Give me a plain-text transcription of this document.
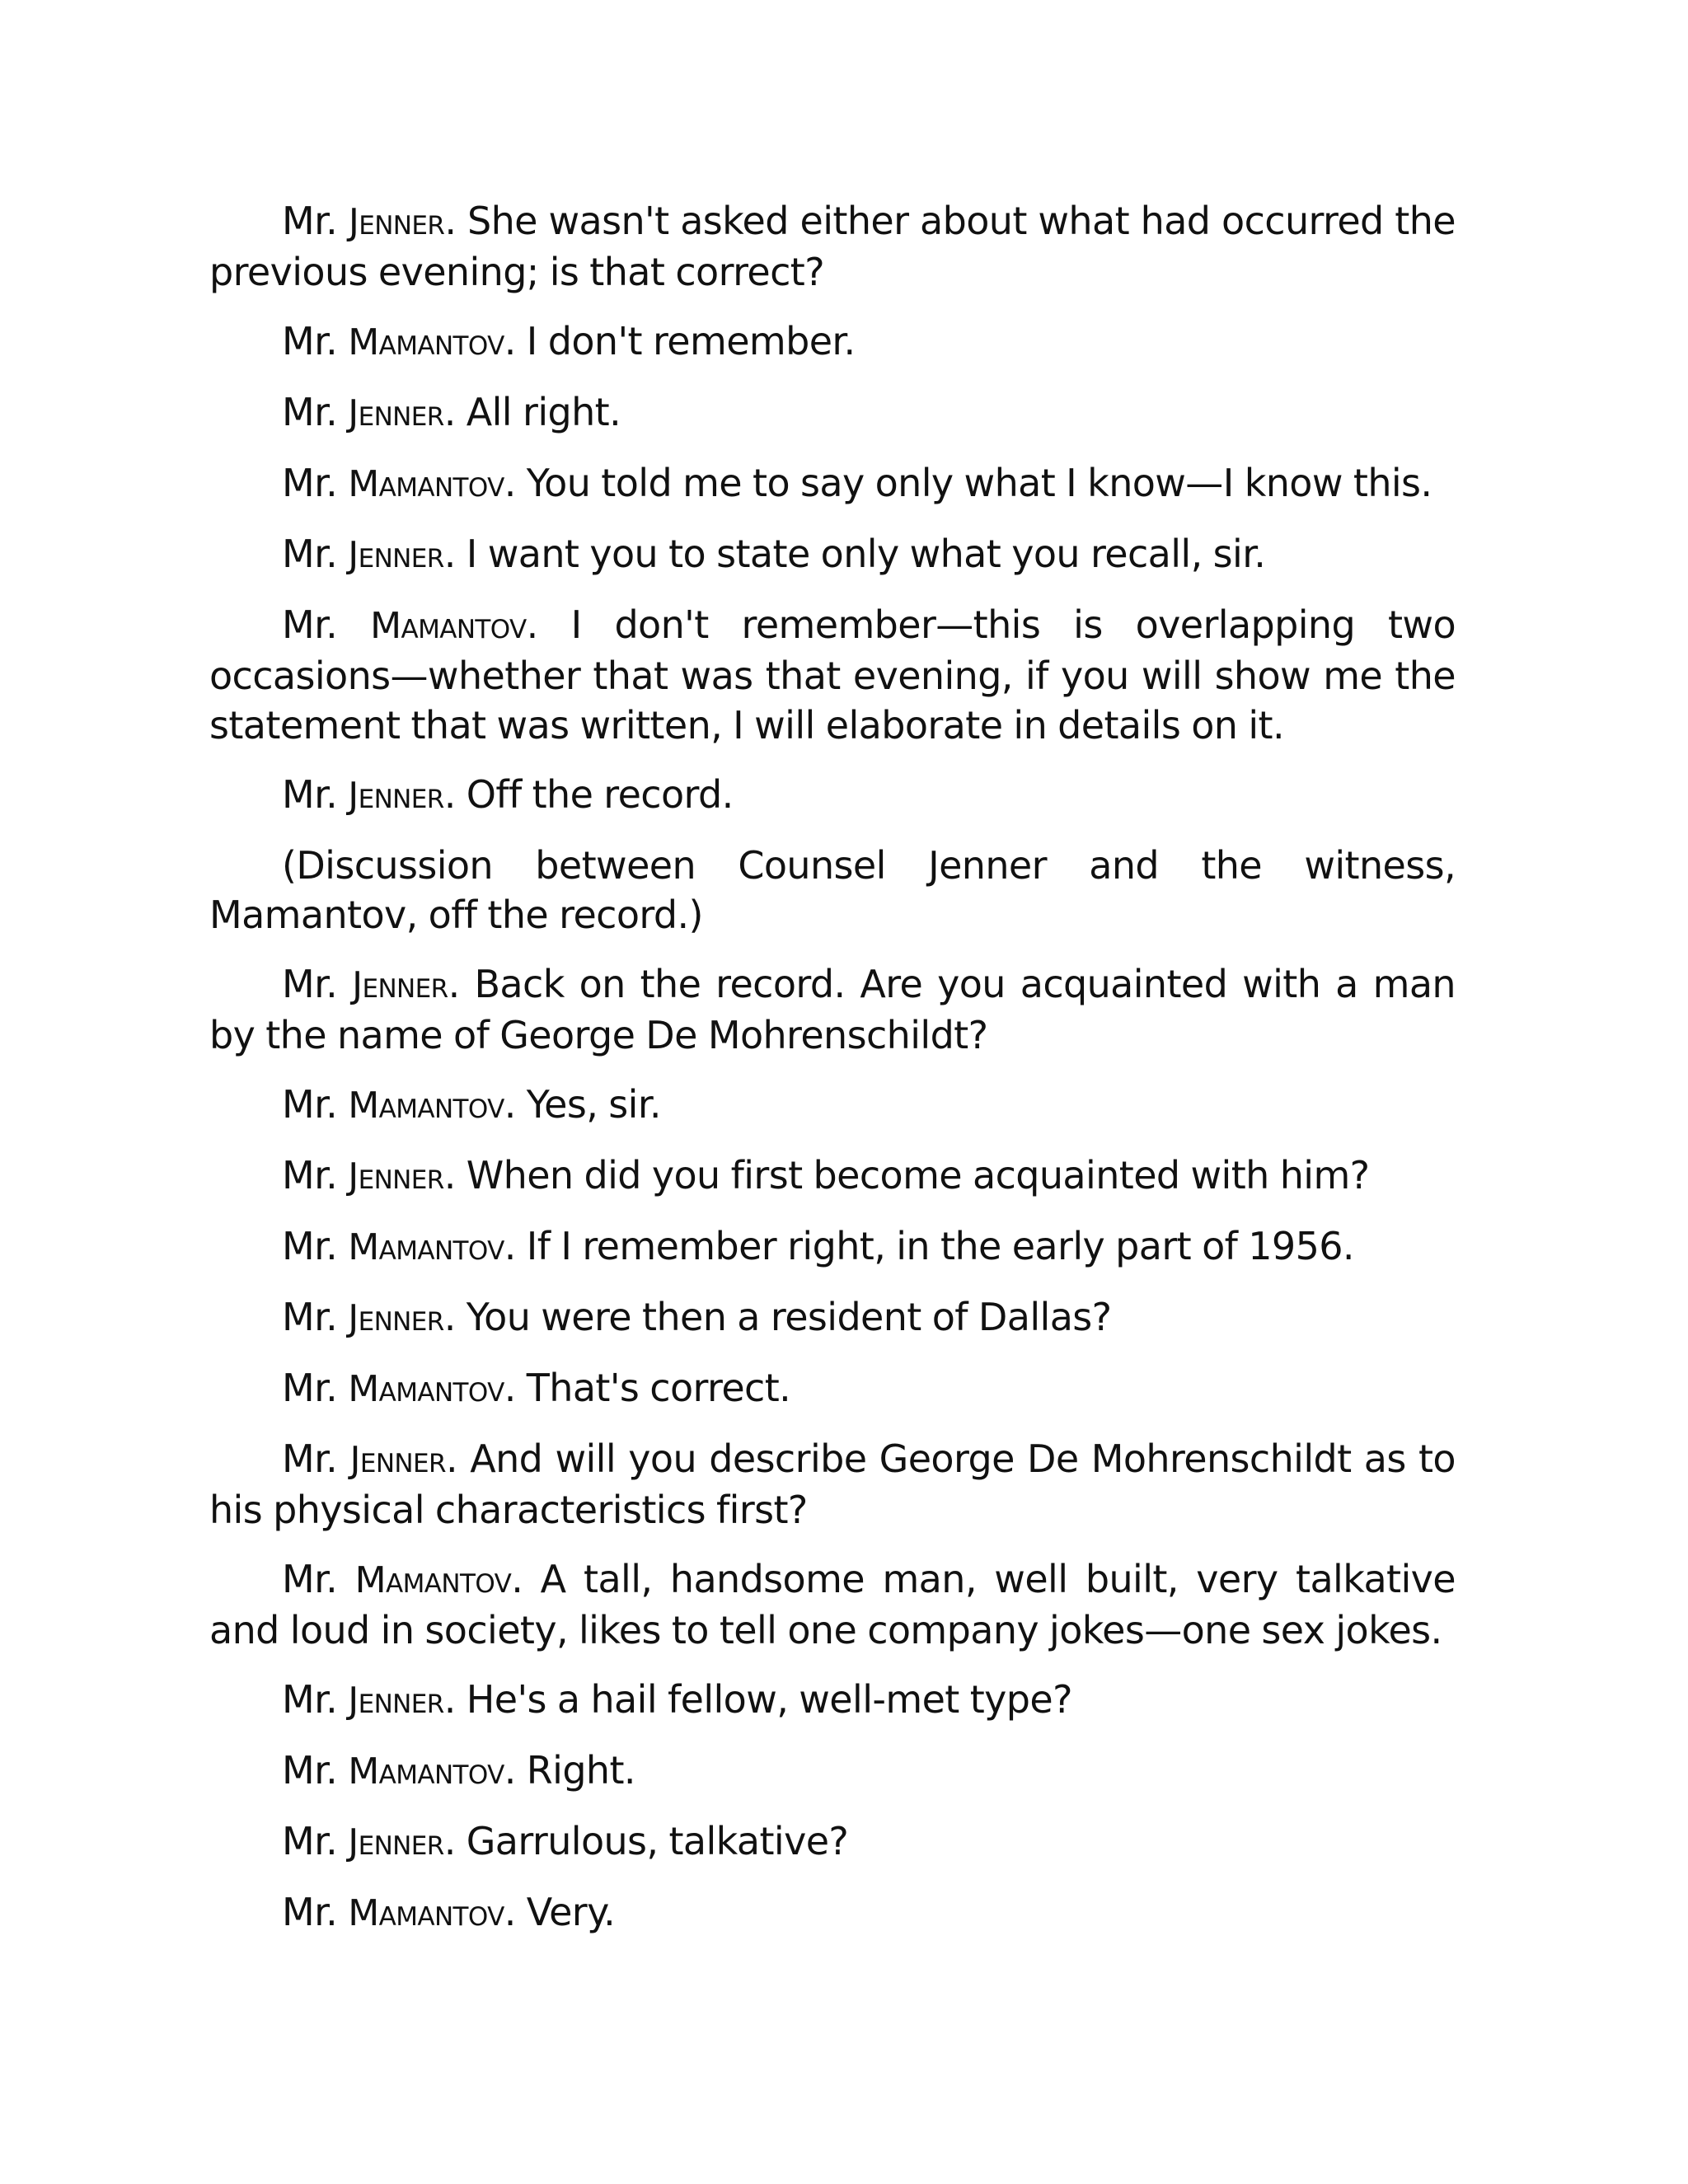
Mr. Jenner. She wasn't asked either about what had occurred the previous evening; is that correct?

Mr. Mamantov. I don't remember.

Mr. Jenner. All right.

Mr. Mamantov. You told me to say only what I know—I know this.

Mr. Jenner. I want you to state only what you recall, sir.

Mr. Mamantov. I don't remember—this is overlapping two occasions—whether that was that evening, if you will show me the statement that was written, I will elaborate in details on it.

Mr. Jenner. Off the record.

(Discussion between Counsel Jenner and the witness, Mamantov, off the record.)

Mr. Jenner. Back on the record. Are you acquainted with a man by the name of George De Mohrenschildt?

Mr. Mamantov. Yes, sir.

Mr. Jenner. When did you first become acquainted with him?

Mr. Mamantov. If I remember right, in the early part of 1956.

Mr. Jenner. You were then a resident of Dallas?

Mr. Mamantov. That's correct.

Mr. Jenner. And will you describe George De Mohrenschildt as to his physical characteristics first?

Mr. Mamantov. A tall, handsome man, well built, very talkative and loud in society, likes to tell one company jokes—one sex jokes.

Mr. Jenner. He's a hail fellow, well-met type?

Mr. Mamantov. Right.

Mr. Jenner. Garrulous, talkative?

Mr. Mamantov. Very.
